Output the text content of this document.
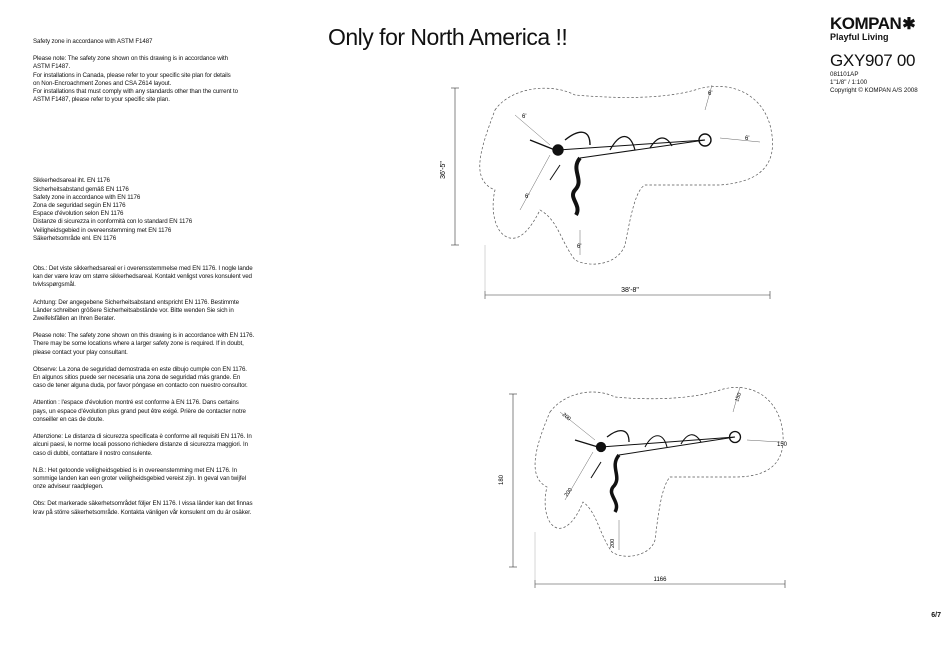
Only for North America !!
KOMPAN ✱
Playful Living
GXY907 00
081101AP
1"1/8" / 1:100
Copyright © KOMPAN A/S 2008

Safety zone in accordance with ASTM F1487

Please note: The safety zone shown on this drawing is in accordance with
ASTM F1487.
For installations in Canada, please refer to your specific site plan for details
on Non-Encroachment Zones and CSA Z614 layout.
For installations that must comply with any standards other than the current to
ASTM F1487, please refer to your specific site plan.

Sikkerhedsareal iht. EN 1176
Sicherheitsabstand gemäß EN 1176
Safety zone in accordance with EN 1176
Zona de seguridad según EN 1176
Espace d'évolution selon EN 1176
Distanze di sicurezza in conformità con lo standard EN 1176
Veiligheidsgebied in overeenstemming met EN 1176
Säkerhetsområde enl. EN 1176

Obs.: Det viste sikkerhedsareal er i overensstemmelse med EN 1176. I nogle lande
kan der være krav om større sikkerhedsareal. Kontakt venligst vores konsulent ved
tvivlsspørgsmål.

Achtung: Der angegebene Sicherheitsabstand entspricht EN 1176. Bestimmte
Länder schreiben größere Sicherheitsabstände vor. Bitte wenden Sie sich in
Zweifelsfällen an Ihren Berater.

Please note: The safety zone shown on this drawing is in accordance with EN 1176.
There may be some locations where a larger safety zone is required. If in doubt,
please contact your play consultant.

Observe: La zona de seguridad demostrada en este dibujo cumple con EN 1176.
En algunos sitios puede ser necesaria una zona de seguridad más grande. En
caso de tener alguna duda, por favor póngase en contacto con nuestro consultor.

Attention : l'espace d'évolution montré est conforme à EN 1176. Dans certains
pays, un espace d'évolution plus grand peut être exigé. Prière de contacter notre
conseiller en cas de doute.

Attenzione: Le distanza di sicurezza specificata è conforme all requisiti EN 1176. In
alcuni paesi, le norme locali possono richiedere distanze di sicurezza maggiori. In
caso di dubbi, contattare il nostro consulente.

N.B.: Het getoonde veiligheidsgebied is in overeenstemming met EN 1176. In
sommige landen kan een groter veiligheidsgebied vereist zijn. In geval van twijfel
onze adviseur raadplegen.

Obs: Det markerade säkerhetsområdet följer EN 1176. I vissa länder kan det finnas
krav på större säkerhetsområde. Kontakta vänligen vår konsulent om du är osäker.

36'-5"
38'-8"
6'
6'
6'
6'
6'
180
1166
150
200
200
150
200
150
6/7
